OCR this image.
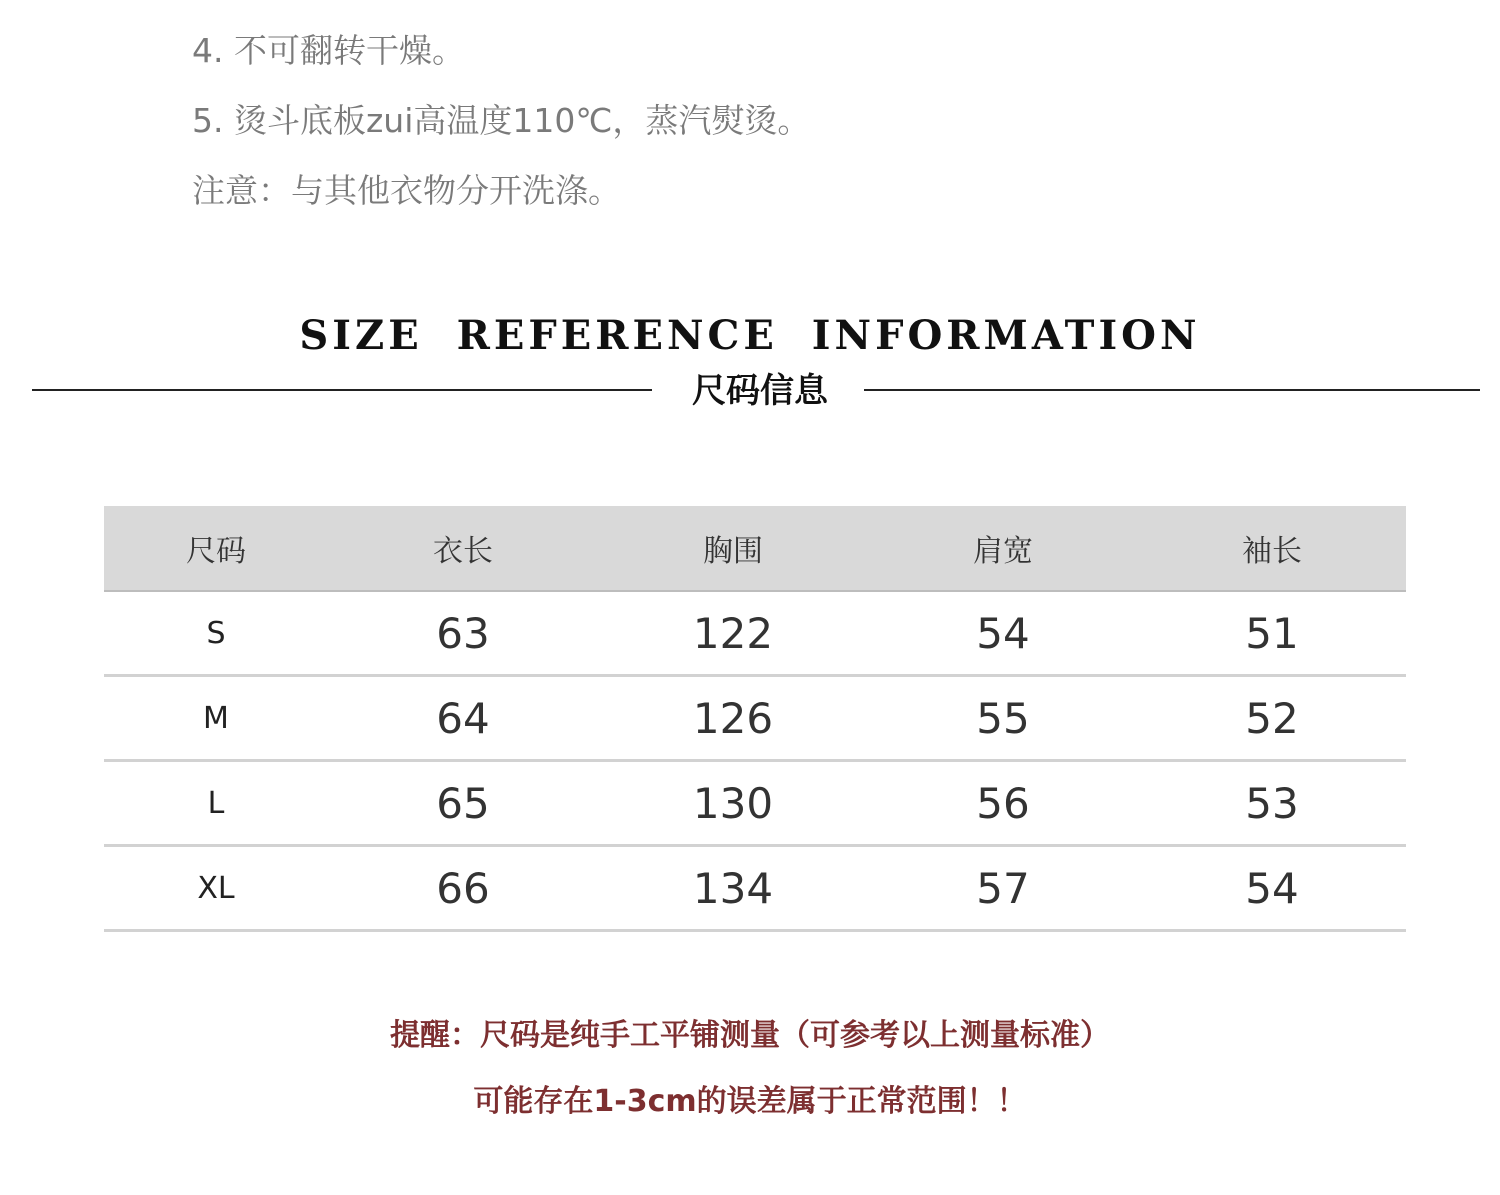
4. 不可翻转干燥。
5. 烫斗底板zui高温度110℃，蒸汽熨烫。
注意：与其他衣物分开洗涤。
SIZE REFERENCE INFORMATION
尺码信息
尺码	衣长	胸围	肩宽	袖长
S	63	122	54	51
M	64	126	55	52
L	65	130	56	53
XL	66	134	57	54
提醒：尺码是纯手工平铺测量（可参考以上测量标准）
可能存在1-3cm的误差属于正常范围！！
